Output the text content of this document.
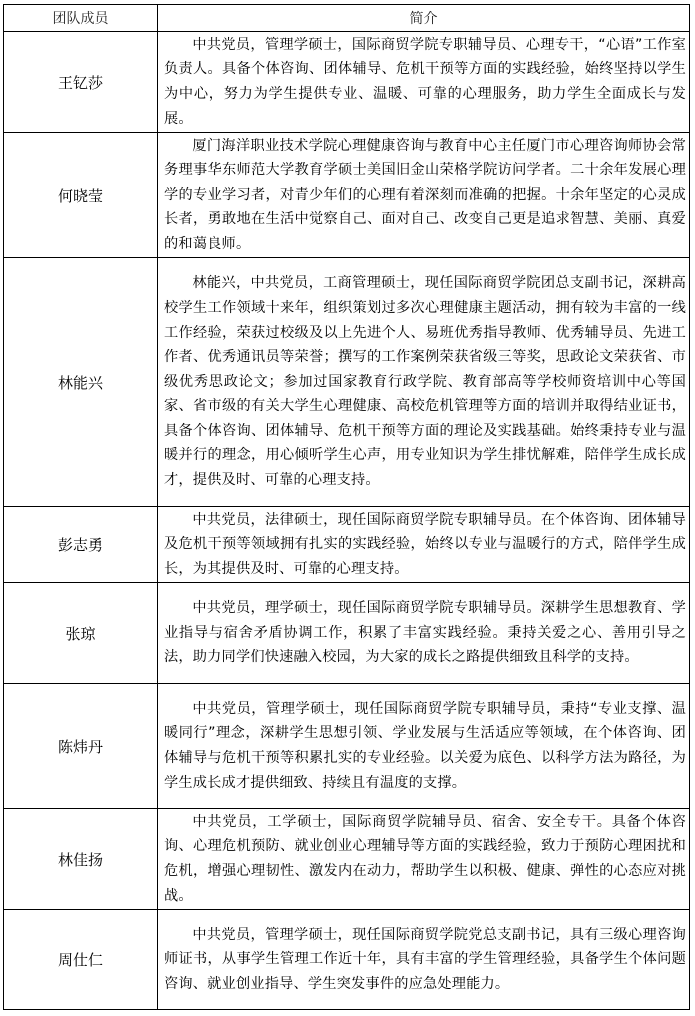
团队成员	简介
王钇莎	中共党员，管理学硕士，国际商贸学院专职辅导员、心理专干，“心语”工作室负责人。具备个体咨询、团体辅导、危机干预等方面的实践经验，始终坚持以学生为中心，努力为学生提供专业、温暖、可靠的心理服务，助力学生全面成长与发展。
何晓莹	厦门海洋职业技术学院心理健康咨询与教育中心主任厦门市心理咨询师协会常务理事华东师范大学教育学硕士美国旧金山荣格学院访问学者。二十余年发展心理学的专业学习者，对青少年们的心理有着深刻而准确的把握。十余年坚定的心灵成长者，勇敢地在生活中觉察自己、面对自己、改变自己更是追求智慧、美丽、真爱的和蔼良师。
林能兴	林能兴，中共党员，工商管理硕士，现任国际商贸学院团总支副书记，深耕高校学生工作领域十来年，组织策划过多次心理健康主题活动，拥有较为丰富的一线工作经验，荣获过校级及以上先进个人、易班优秀指导教师、优秀辅导员、先进工作者、优秀通讯员等荣誉；撰写的工作案例荣获省级三等奖，思政论文荣获省、市级优秀思政论文；参加过国家教育行政学院、教育部高等学校师资培训中心等国家、省市级的有关大学生心理健康、高校危机管理等方面的培训并取得结业证书，具备个体咨询、团体辅导、危机干预等方面的理论及实践基础。始终秉持专业与温暖并行的理念，用心倾听学生心声，用专业知识为学生排忧解难，陪伴学生成长成才，提供及时、可靠的心理支持。
彭志勇	中共党员，法律硕士，现任国际商贸学院专职辅导员。在个体咨询、团体辅导及危机干预等领域拥有扎实的实践经验，始终以专业与温暖行的方式，陪伴学生成长，为其提供及时、可靠的心理支持。
张琼	中共党员，理学硕士，现任国际商贸学院专职辅导员。深耕学生思想教育、学业指导与宿舍矛盾协调工作，积累了丰富实践经验。秉持关爱之心、善用引导之法，助力同学们快速融入校园，为大家的成长之路提供细致且科学的支持。
陈炜丹	中共党员，管理学硕士，现任国际商贸学院专职辅导员，秉持“专业支撑、温暖同行”理念，深耕学生思想引领、学业发展与生活适应等领域，在个体咨询、团体辅导与危机干预等积累扎实的专业经验。以关爱为底色、以科学方法为路径，为学生成长成才提供细致、持续且有温度的支撑。
林佳扬	中共党员，工学硕士，国际商贸学院辅导员、宿舍、安全专干。具备个体咨询、心理危机预防、就业创业心理辅导等方面的实践经验，致力于预防心理困扰和危机，增强心理韧性、激发内在动力，帮助学生以积极、健康、弹性的心态应对挑战。
周仕仁	中共党员，管理学硕士，现任国际商贸学院党总支副书记，具有三级心理咨询师证书，从事学生管理工作近十年，具有丰富的学生管理经验，具备学生个体问题咨询、就业创业指导、学生突发事件的应急处理能力。
